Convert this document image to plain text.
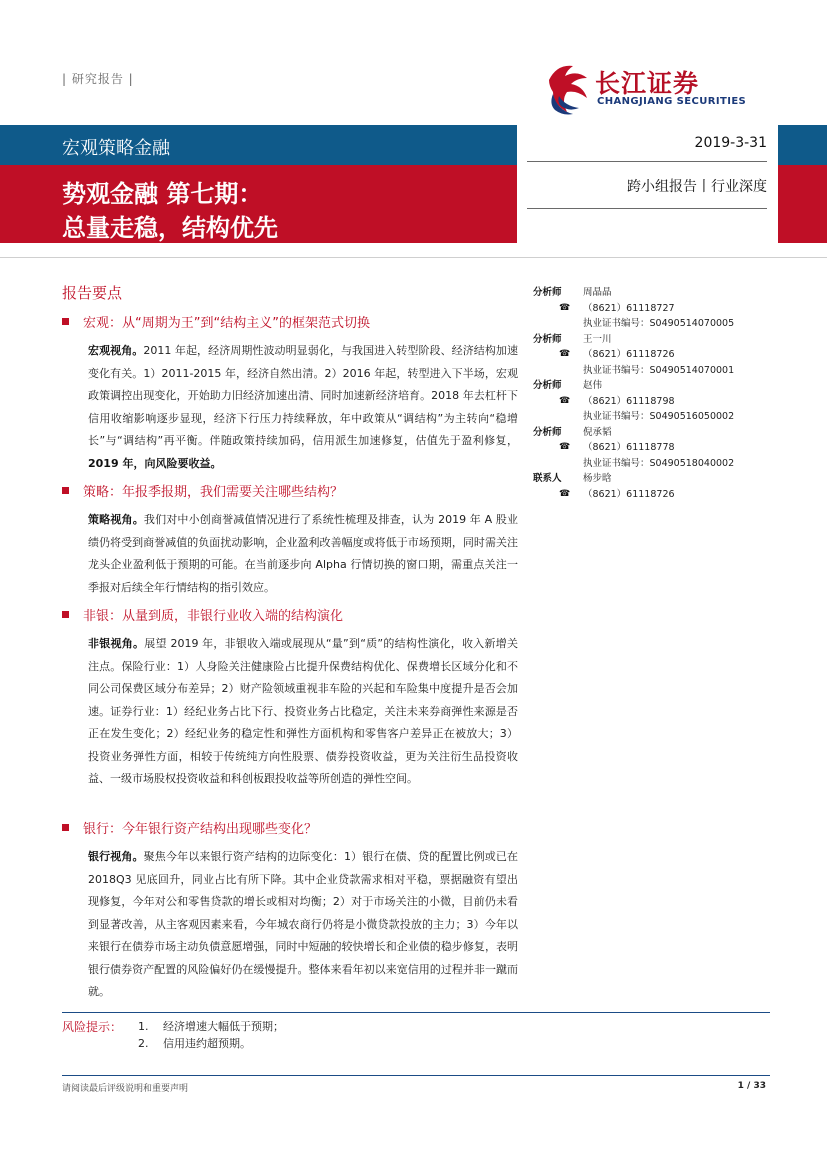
| 研究报告 |	长江证券
CHANGJIANG SECURITIES
宏观策略金融
势观金融 第七期：
总量走稳，结构优先
2019-3-31
跨小组报告丨行业深度
报告要点
宏观：从“周期为王”到“结构主义”的框架范式切换
宏观视角。2011 年起，经济周期性波动明显弱化，与我国进入转型阶段、经济结构加速变化有关。1）2011-2015 年，经济自然出清。2）2016 年起，转型进入下半场，宏观政策调控出现变化，开始助力旧经济加速出清、同时加速新经济培育。2018 年去杠杆下信用收缩影响逐步显现，经济下行压力持续释放，年中政策从“调结构”为主转向“稳增长”与“调结构”再平衡。伴随政策持续加码，信用派生加速修复，估值先于盈利修复，2019 年，向风险要收益。
策略：年报季报期，我们需要关注哪些结构？
策略视角。我们对中小创商誉减值情况进行了系统性梳理及排查，认为 2019 年 A 股业绩仍将受到商誉减值的负面扰动影响，企业盈利改善幅度或将低于市场预期，同时需关注龙头企业盈利低于预期的可能。在当前逐步向 Alpha 行情切换的窗口期，需重点关注一季报对后续全年行情结构的指引效应。
非银：从量到质，非银行业收入端的结构演化
非银视角。展望 2019 年，非银收入端或展现从“量”到“质”的结构性演化，收入新增关注点。保险行业：1）人身险关注健康险占比提升保费结构优化、保费增长区域分化和不同公司保费区域分布差异；2）财产险领域重视非车险的兴起和车险集中度提升是否会加速。证券行业：1）经纪业务占比下行、投资业务占比稳定，关注未来券商弹性来源是否正在发生变化；2）经纪业务的稳定性和弹性方面机构和零售客户差异正在被放大；3）投资业务弹性方面，相较于传统纯方向性股票、债券投资收益，更为关注衍生品投资收益、一级市场股权投资收益和科创板跟投收益等所创造的弹性空间。
银行：今年银行资产结构出现哪些变化？
银行视角。聚焦今年以来银行资产结构的边际变化：1）银行在债、贷的配置比例或已在 2018Q3 见底回升，同业占比有所下降。其中企业贷款需求相对平稳，票据融资有望出现修复，今年对公和零售贷款的增长或相对均衡；2）对于市场关注的小微，目前仍未看到显著改善，从主客观因素来看，今年城农商行仍将是小微贷款投放的主力；3）今年以来银行在债券市场主动负债意愿增强，同时中短融的较快增长和企业债的稳步修复，表明银行债券资产配置的风险偏好仍在缓慢提升。整体来看年初以来宽信用的过程并非一蹴而就。
分析师 周晶晶
☎ （8621）61118727
执业证书编号：S0490514070005
分析师 王一川
☎ （8621）61118726
执业证书编号：S0490514070001
分析师 赵伟
☎ （8621）61118798
执业证书编号：S0490516050002
分析师 倪承韬
☎ （8621）61118778
执业证书编号：S0490518040002
联系人 杨步晗
☎ （8621）61118726
风险提示： 1. 经济增速大幅低于预期；
2. 信用违约超预期。
请阅读最后评级说明和重要声明	1 / 33
